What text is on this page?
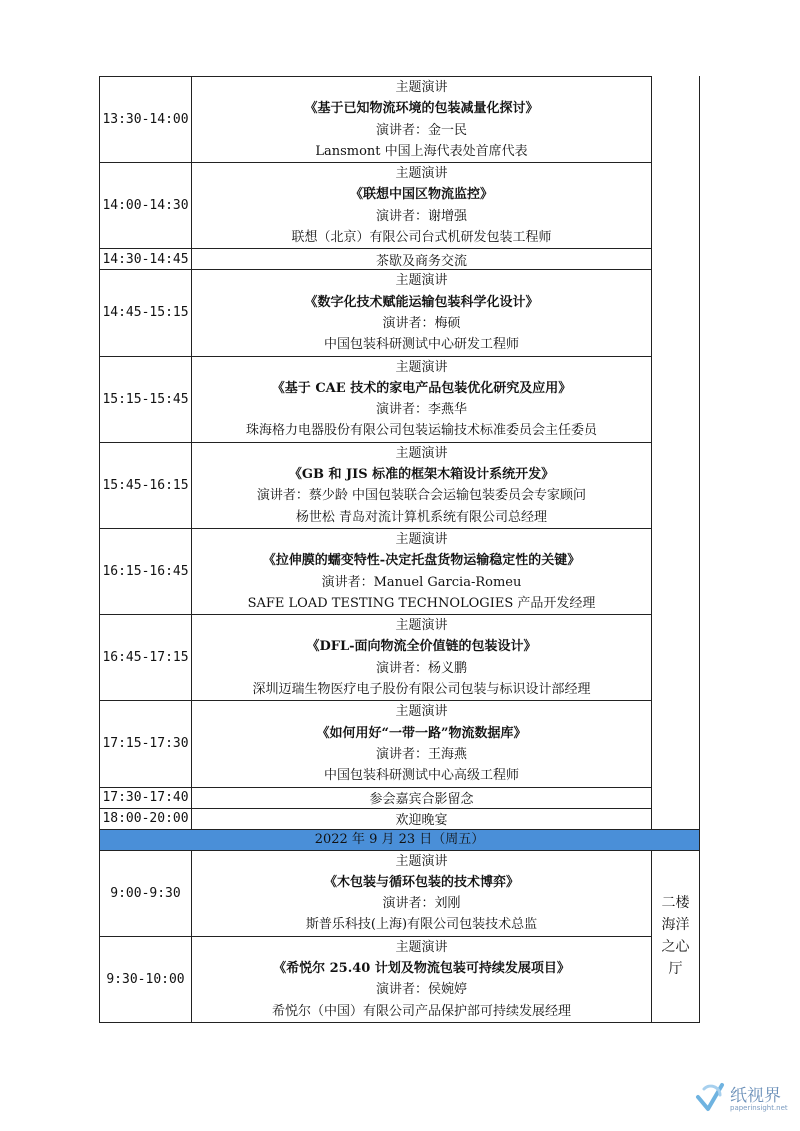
13:30-14:00	主题演讲
《基于已知物流环境的包装减量化探讨》
演讲者：金一民
Lansmont 中国上海代表处首席代表	

14:00-14:30	主题演讲
《联想中国区物流监控》
演讲者：谢增强
联想（北京）有限公司台式机研发包装工程师	

14:30-14:45	茶歇及商务交流	
14:45-15:15	主题演讲
《数字化技术赋能运输包装科学化设计》
演讲者：梅硕
中国包装科研测试中心研发工程师	

15:15-15:45	主题演讲
《基于 CAE 技术的家电产品包装优化研究及应用》
演讲者：李燕华
珠海格力电器股份有限公司包装运输技术标准委员会主任委员	

15:45-16:15	主题演讲
《GB 和 JIS 标准的框架木箱设计系统开发》
演讲者：蔡少龄 中国包装联合会运输包装委员会专家顾问
杨世松 青岛对流计算机系统有限公司总经理	

16:15-16:45	主题演讲
《拉伸膜的蠕变特性-决定托盘货物运输稳定性的关键》
演讲者：Manuel Garcia-Romeu
SAFE LOAD TESTING TECHNOLOGIES 产品开发经理	

16:45-17:15	主题演讲
《DFL-面向物流全价值链的包装设计》
演讲者：杨义鹏
深圳迈瑞生物医疗电子股份有限公司包装与标识设计部经理	

17:15-17:30	主题演讲
《如何用好“一带一路”物流数据库》
演讲者：王海燕
中国包装科研测试中心高级工程师	

17:30-17:40	参会嘉宾合影留念	
18:00-20:00	欢迎晚宴	
2022 年 9 月 23 日（周五）		
9:00-9:30	主题演讲
《木包装与循环包装的技术博弈》
演讲者：刘刚
斯普乐科技(上海)有限公司包装技术总监	二楼
海洋
之心
厅

9:30-10:00	主题演讲
《希悦尔 25.40 计划及物流包装可持续发展项目》
演讲者：侯婉婷
希悦尔（中国）有限公司产品保护部可持续发展经理	
纸视界
paperinsight.net
